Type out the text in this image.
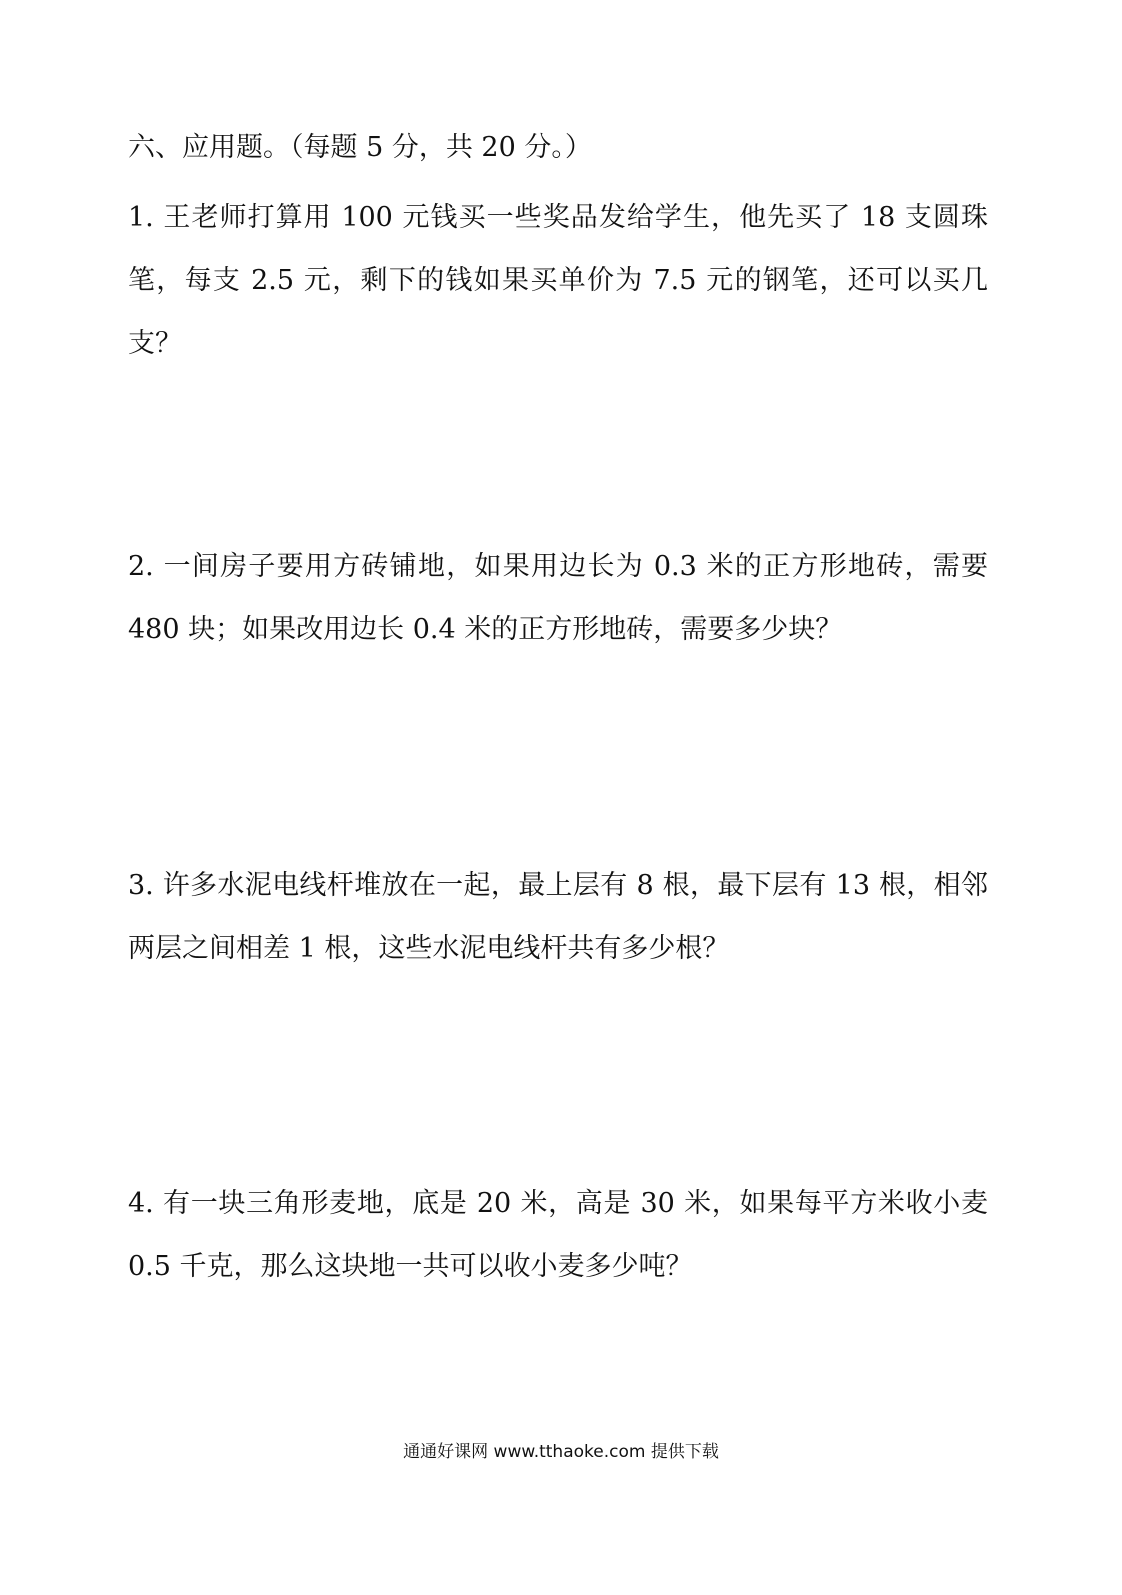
六、应用题。（每题 5 分，共 20 分。）
1. 王老师打算用 100 元钱买一些奖品发给学生，他先买了 18 支圆珠笔，每支 2.5 元，剩下的钱如果买单价为 7.5 元的钢笔，还可以买几支？
2. 一间房子要用方砖铺地，如果用边长为 0.3 米的正方形地砖，需要 480 块；如果改用边长 0.4 米的正方形地砖，需要多少块？
3. 许多水泥电线杆堆放在一起，最上层有 8 根，最下层有 13 根，相邻两层之间相差 1 根，这些水泥电线杆共有多少根？
4. 有一块三角形麦地，底是 20 米，高是 30 米，如果每平方米收小麦 0.5 千克，那么这块地一共可以收小麦多少吨？
通通好课网 www.tthaoke.com 提供下载
